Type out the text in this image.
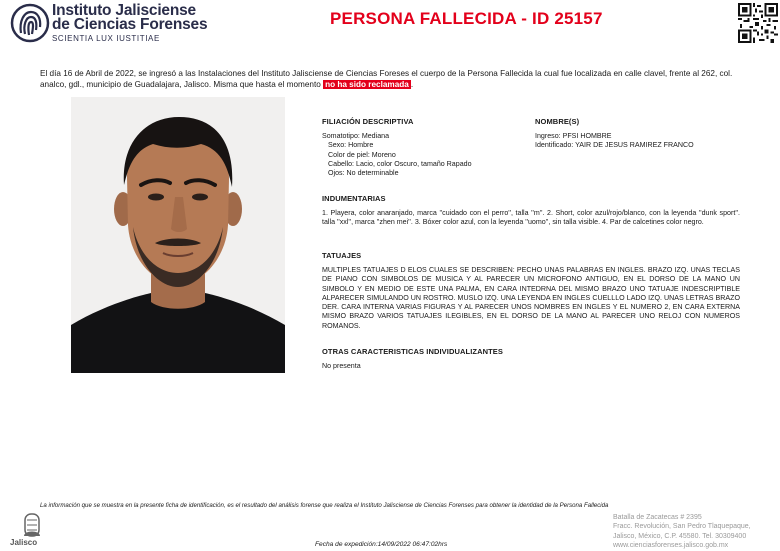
Instituto Jalisciense
de Ciencias Forenses
SCIENTIA LUX IUSTITIAE
PERSONA FALLECIDA - ID 25157

El día 16 de Abril de 2022, se ingresó a las Instalaciones del Instituto Jalisciense de Ciencias Foreses el cuerpo de la Persona Fallecida la cual fue localizada en calle clavel, frente al 262, col. analco, gdl., municipio de Guadalajara, Jalisco. Misma que hasta el momento no ha sido reclamada .

FILIACIÓN DESCRIPTIVA
Somatotipo: Mediana
Sexo: Hombre
Color de piel: Moreno
Cabello: Lacio, color Oscuro, tamaño Rapado
Ojos: No determinable
NOMBRE(S)
Ingreso: PFSI HOMBRE
Identificado: YAIR DE JESUS RAMIREZ FRANCO
INDUMENTARIAS
1. Playera, color anaranjado, marca ''cuidado con el perro'', talla ''m''. 2. Short, color azul/rojo/blanco, con la leyenda ''dunk sport''. talla ''xxl'', marca ''zhen mei''. 3. Bóxer color azul, con la leyenda ''uomo'', sin talla visible. 4. Par de calcetines color negro.
TATUAJES
MULTIPLES TATUAJES D ELOS CUALES SE DESCRIBEN: PECHO UNAS PALABRAS EN INGLES. BRAZO IZQ. UNAS TECLAS DE PIANO CON SIMBOLOS DE MUSICA Y AL PARECER UN MICROFONO ANTIGUO, EN EL DORSO DE LA MANO UN SIMBOLO Y EN MEDIO DE ESTE UNA PALMA, EN CARA INTEDRNA DEL MISMO BRAZO UNO TATUAJE INDESCRIPTIBLE ALPARECER SIMULANDO UN ROSTRO. MUSLO IZQ. UNA LEYENDA EN INGLES CUELLLO LADO IZQ. UNAS LETRAS BRAZO DER. CARA INTERNA VARIAS FIGURAS Y AL PARECER UNOS NOMBRES EN INGLES Y EL NUMERO 2, EN CARA EXTERNA MISMO BRAZO VARIOS TATUAJES ILEGIBLES, EN EL DORSO DE LA MANO AL PARECER UNO RELOJ CON NUMEROS ROMANOS.
OTRAS CARACTERISTICAS INDIVIDUALIZANTES
No presenta
La información que se muestra en la presente ficha de identificación, es el resultado del análisis forense que realiza el Instituto Jalisciense de Ciencias Forenses para obtener la identidad de la Persona Fallecida
Jalisco	Fecha de expedición:14/09/2022 06:47:02hrs
Batalla de Zacatecas # 2395
Fracc. Revolución, San Pedro Tlaquepaque,
Jalisco, México, C.P. 45580. Tel. 30309400
www.cienciasforenses.jalisco.gob.mx
